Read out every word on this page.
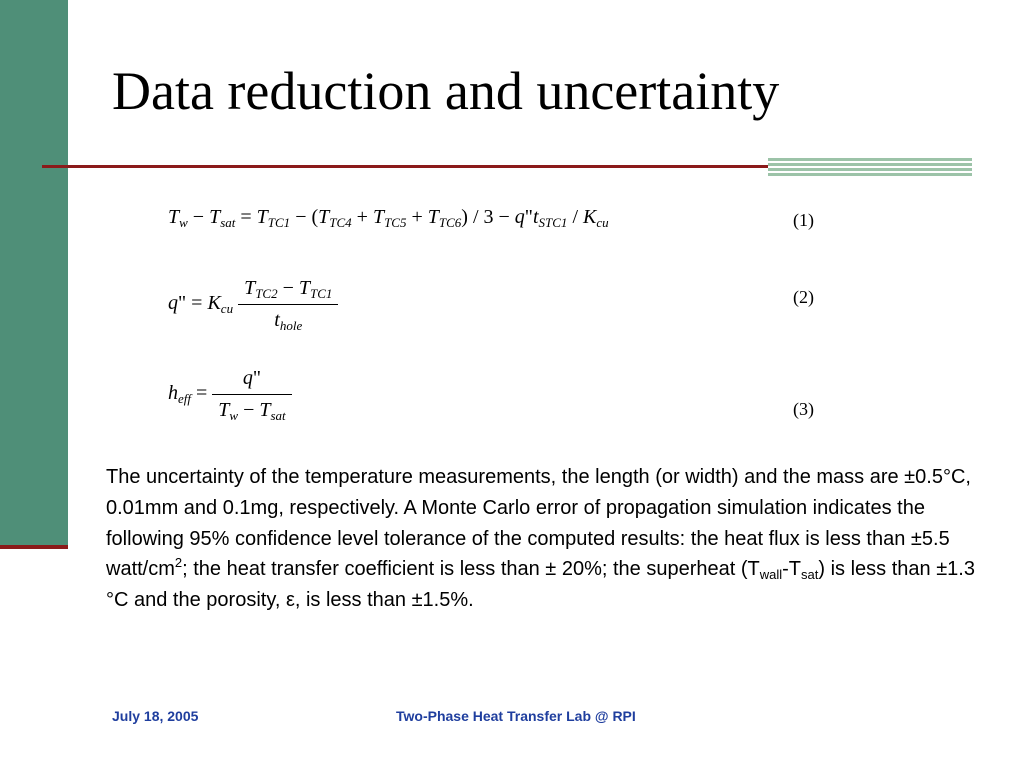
Data reduction and uncertainty
$T_w - T_{sat} = T_{TC1} - (T_{TC4} + T_{TC5} + T_{TC6}) / 3$ − $q"t_{STC1} / K_{cu}$	(1)
q" = $K_{cu} \frac{T_{TC2} - T_{TC1}}{t_{hole}}$	(2)
$h_{eff} = \frac{q"}{T_w - T_{sat}}$	(3)

The uncertainty of the temperature measurements, the length (or width) and the mass are ±0.5°C, 0.01mm and 0.1mg, respectively. A Monte Carlo error of propagation simulation indicates the following 95% confidence level tolerance of the computed results: the heat flux is less than ±5.5 watt/$cm^2$; the heat transfer coefficient is less than ± 20%; the superheat $(T_{wall}-T_{sat})$ is less than ±1.3 °C and the porosity, ε, is less than ±1.5%.

July 18, 2005	Two-Phase Heat Transfer Lab @ RPI
